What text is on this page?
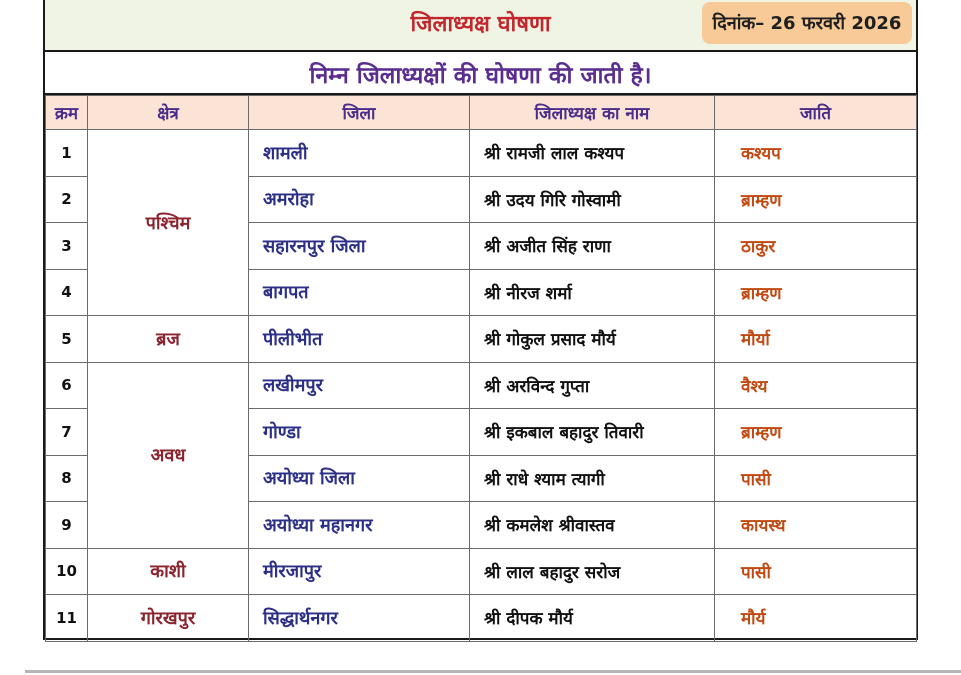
जिलाध्यक्ष घोषणा	दिनांक– 26 फरवरी 2026
निम्न जिलाध्यक्षों की घोषणा की जाती है।
क्रम	क्षेत्र	जिला	जिलाध्यक्ष का नाम	जाति
1	पश्चिम	शामली	श्री रामजी लाल कश्यप	कश्यप
2		अमरोहा	श्री उदय गिरि गोस्वामी	ब्राम्हण
3		सहारनपुर जिला	श्री अजीत सिंह राणा	ठाकुर
4		बागपत	श्री नीरज शर्मा	ब्राम्हण
5	ब्रज	पीलीभीत	श्री गोकुल प्रसाद मौर्य	मौर्या
6	अवध	लखीमपुर	श्री अरविन्द गुप्ता	वैश्य
7		गोण्डा	श्री इकबाल बहादुर तिवारी	ब्राम्हण
8		अयोध्या जिला	श्री राधे श्याम त्यागी	पासी
9		अयोध्या महानगर	श्री कमलेश श्रीवास्तव	कायस्थ
10	काशी	मीरजापुर	श्री लाल बहादुर सरोज	पासी
11	गोरखपुर	सिद्धार्थनगर	श्री दीपक मौर्य	मौर्य
